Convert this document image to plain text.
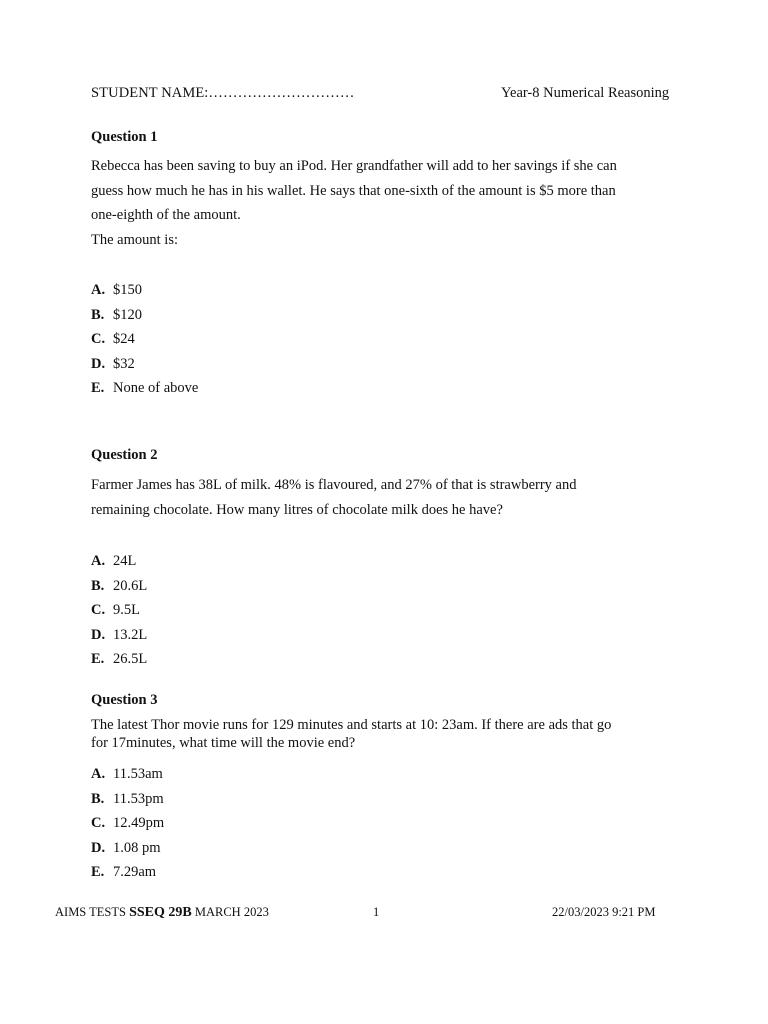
STUDENT NAME:…………………………	Year-8 Numerical Reasoning

Question 1

Rebecca has been saving to buy an iPod. Her grandfather will add to her savings if she can
guess how much he has in his wallet. He says that one-sixth of the amount is $5 more than
one-eighth of the amount.
The amount is:

A. $150
B. $120
C. $24
D. $32
E. None of above

Question 2

Farmer James has 38L of milk. 48% is flavoured, and 27% of that is strawberry and
remaining chocolate. How many litres of chocolate milk does he have?

A. 24L
B. 20.6L
C. 9.5L
D. 13.2L
E. 26.5L

Question 3

The latest Thor movie runs for 129 minutes and starts at 10: 23am. If there are ads that go
for 17minutes, what time will the movie end?

A. 11.53am
B. 11.53pm
C. 12.49pm
D. 1.08 pm
E. 7.29am
AIMS TESTS SSEQ 29B MARCH 2023	1	22/03/2023 9:21 PM
